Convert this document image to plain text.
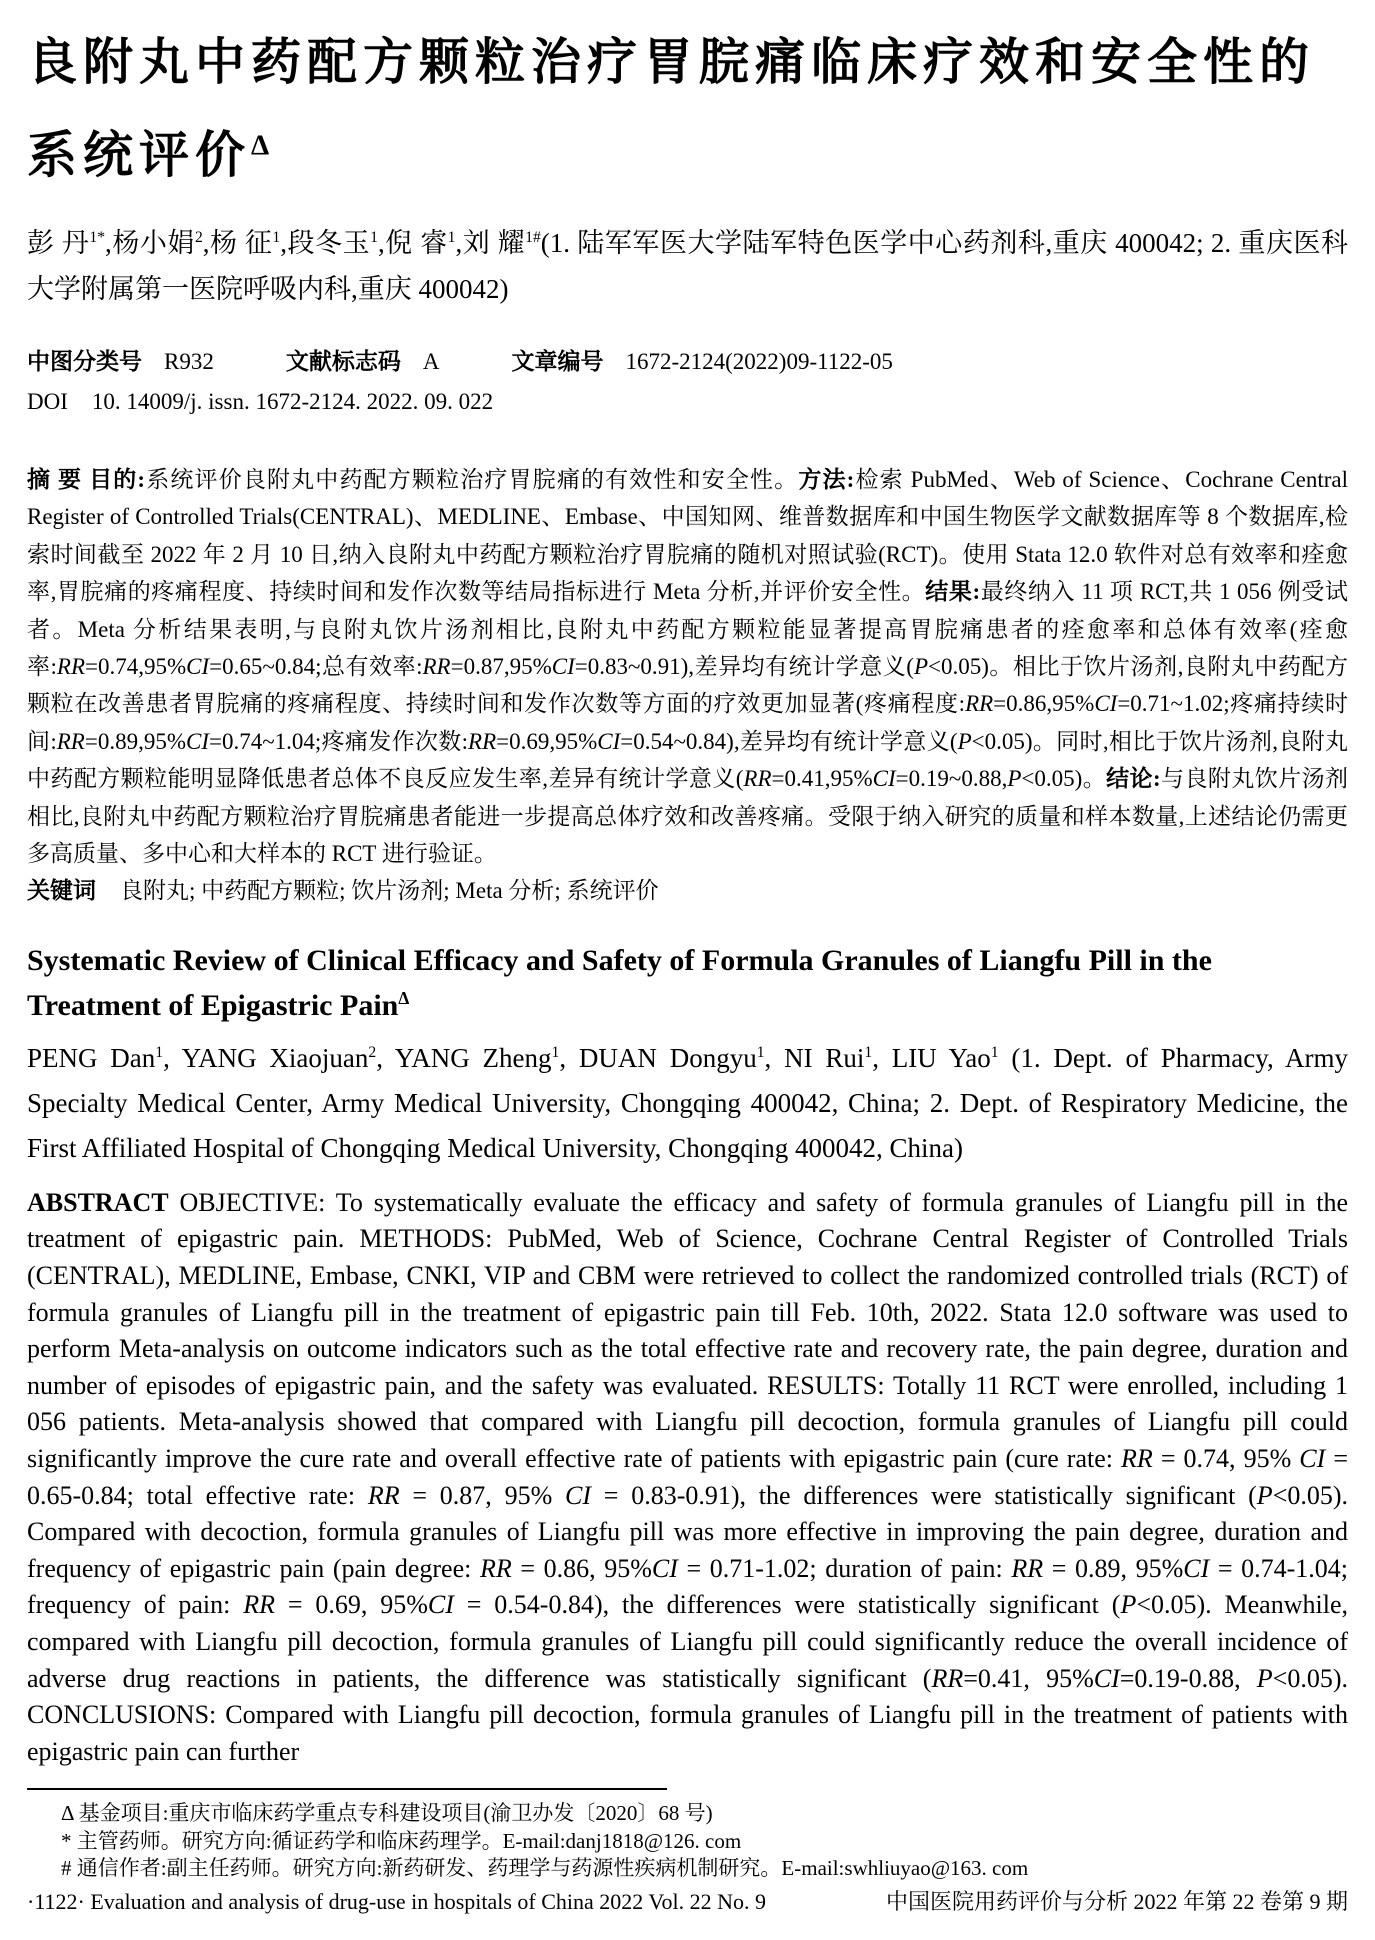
良附丸中药配方颗粒治疗胃脘痛临床疗效和安全性的系统评价$^\Delta$

彭 丹$^{1*}$,杨小娟$^2$,杨 征$^1$,段冬玉$^1$,倪 睿$^1$,刘 耀$^{1\#}$(1. 陆军军医大学陆军特色医学中心药剂科,重庆 400042; 2. 重庆医科大学附属第一医院呼吸内科,重庆 400042)

中图分类号 R932	文献标志码 A	文章编号 1672-2124(2022)09-1122-05
DOI 10. 14009/j. issn. 1672-2124. 2022. 09. 022

摘 要 目的:系统评价良附丸中药配方颗粒治疗胃脘痛的有效性和安全性。方法:检索 PubMed、Web of Science、Cochrane Central Register of Controlled Trials(CENTRAL)、MEDLINE、Embase、中国知网、维普数据库和中国生物医学文献数据库等 8 个数据库,检索时间截至 2022 年 2 月 10 日,纳入良附丸中药配方颗粒治疗胃脘痛的随机对照试验(RCT)。使用 Stata 12.0 软件对总有效率和痊愈率,胃脘痛的疼痛程度、持续时间和发作次数等结局指标进行 Meta 分析,并评价安全性。结果:最终纳入 11 项 RCT,共 1 056 例受试者。Meta 分析结果表明,与良附丸饮片汤剂相比,良附丸中药配方颗粒能显著提高胃脘痛患者的痊愈率和总体有效率(痊愈率:RR=0.74,95%CI=0.65~0.84;总有效率:RR=0.87,95%CI=0.83~0.91),差异均有统计学意义(P<0.05)。相比于饮片汤剂,良附丸中药配方颗粒在改善患者胃脘痛的疼痛程度、持续时间和发作次数等方面的疗效更加显著(疼痛程度:RR=0.86,95%CI=0.71~1.02;疼痛持续时间:RR=0.89,95%CI=0.74~1.04;疼痛发作次数:RR=0.69,95%CI=0.54~0.84),差异均有统计学意义(P<0.05)。同时,相比于饮片汤剂,良附丸中药配方颗粒能明显降低患者总体不良反应发生率,差异有统计学意义(RR=0.41,95%CI=0.19~0.88,P<0.05)。结论:与良附丸饮片汤剂相比,良附丸中药配方颗粒治疗胃脘痛患者能进一步提高总体疗效和改善疼痛。受限于纳入研究的质量和样本数量,上述结论仍需更多高质量、多中心和大样本的 RCT 进行验证。

关键词 良附丸; 中药配方颗粒; 饮片汤剂; Meta 分析; 系统评价

Systematic Review of Clinical Efficacy and Safety of Formula Granules of Liangfu Pill in the Treatment of Epigastric Pain$^\Delta$

PENG Dan$^1$, YANG Xiaojuan$^2$, YANG Zheng$^1$, DUAN Dongyu$^1$, NI Rui$^1$, LIU Yao$^1$ (1. Dept. of Pharmacy, Army Specialty Medical Center, Army Medical University, Chongqing 400042, China; 2. Dept. of Respiratory Medicine, the First Affiliated Hospital of Chongqing Medical University, Chongqing 400042, China)

ABSTRACT OBJECTIVE: To systematically evaluate the efficacy and safety of formula granules of Liangfu pill in the treatment of epigastric pain. METHODS: PubMed, Web of Science, Cochrane Central Register of Controlled Trials (CENTRAL), MEDLINE, Embase, CNKI, VIP and CBM were retrieved to collect the randomized controlled trials (RCT) of formula granules of Liangfu pill in the treatment of epigastric pain till Feb. 10th, 2022. Stata 12.0 software was used to perform Meta-analysis on outcome indicators such as the total effective rate and recovery rate, the pain degree, duration and number of episodes of epigastric pain, and the safety was evaluated. RESULTS: Totally 11 RCT were enrolled, including 1 056 patients. Meta-analysis showed that compared with Liangfu pill decoction, formula granules of Liangfu pill could significantly improve the cure rate and overall effective rate of patients with epigastric pain (cure rate: RR = 0.74, 95% CI = 0.65-0.84; total effective rate: RR = 0.87, 95% CI = 0.83-0.91), the differences were statistically significant (P<0.05). Compared with decoction, formula granules of Liangfu pill was more effective in improving the pain degree, duration and frequency of epigastric pain (pain degree: RR = 0.86, 95%CI = 0.71-1.02; duration of pain: RR = 0.89, 95%CI = 0.74-1.04; frequency of pain: RR = 0.69, 95%CI = 0.54-0.84), the differences were statistically significant (P<0.05). Meanwhile, compared with Liangfu pill decoction, formula granules of Liangfu pill could significantly reduce the overall incidence of adverse drug reactions in patients, the difference was statistically significant (RR=0.41, 95%CI=0.19-0.88, P<0.05). CONCLUSIONS: Compared with Liangfu pill decoction, formula granules of Liangfu pill in the treatment of patients with epigastric pain can further

Δ 基金项目:重庆市临床药学重点专科建设项目(渝卫办发〔2020〕68 号)

* 主管药师。研究方向:循证药学和临床药理学。E-mail:danj1818@126. com

# 通信作者:副主任药师。研究方向:新药研发、药理学与药源性疾病机制研究。E-mail:swhliuyao@163. com

·1122· Evaluation and analysis of drug-use in hospitals of China 2022 Vol. 22 No. 9	中国医院用药评价与分析 2022 年第 22 卷第 9 期
